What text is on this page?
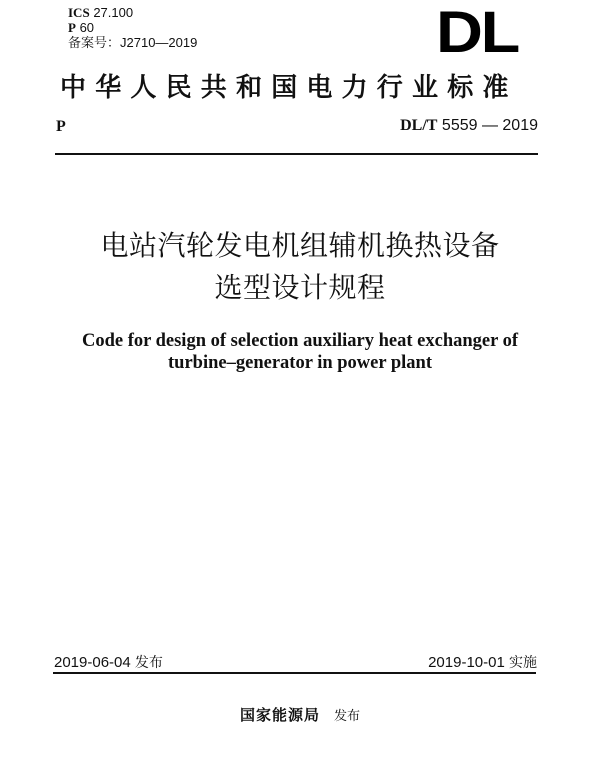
ICS 27.100
P 60
备案号：J2710—2019	DL
中华人民共和国电力行业标准
P	DL/T 5559 — 2019
电站汽轮发电机组辅机换热设备
选型设计规程
Code for design of selection auxiliary heat exchanger of
turbine–generator in power plant
2019-06-04 发布	2019-10-01 实施
国家能源局 发布
